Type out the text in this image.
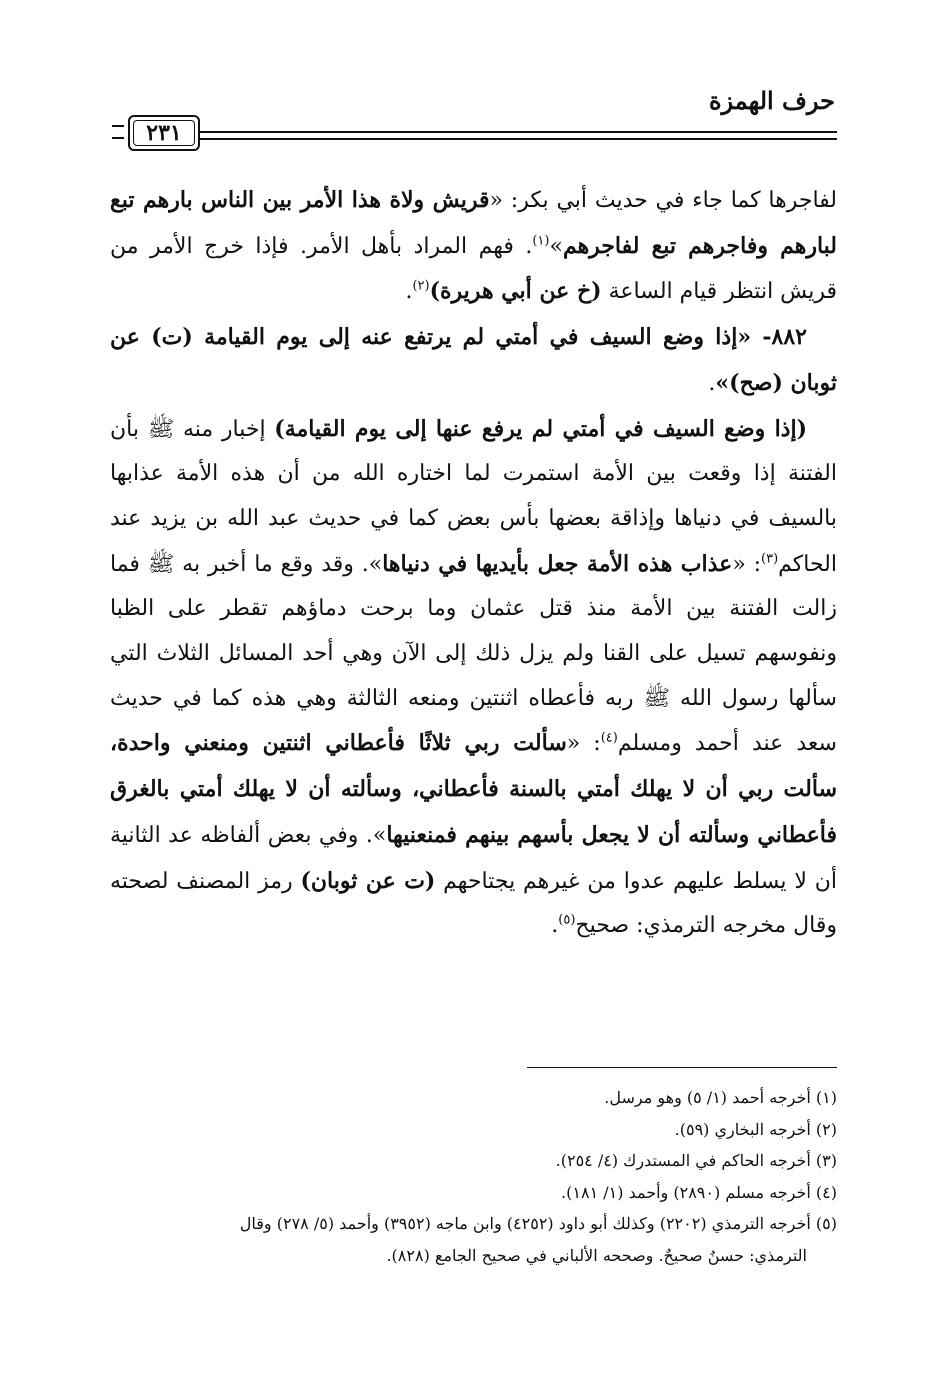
حرف الهمزة
٢٣١

لفاجرها كما جاء في حديث أبي بكر: «قريش ولاة هذا الأمر بين الناس بارهم تبع لبارهم وفاجرهم تبع لفاجرهم»$^{(١)}$. فهم المراد بأهل الأمر. فإذا خرج الأمر من قريش انتظر قيام الساعة (خ عن أبي هريرة)$^{(٢)}$.

٨٨٢- «إذا وضع السيف في أمتي لم يرتفع عنه إلى يوم القيامة (ت) عن ثوبان (صح)».

(إذا وضع السيف في أمتي لم يرفع عنها إلى يوم القيامة) إخبار منه ﷺ بأن الفتنة إذا وقعت بين الأمة استمرت لما اختاره الله من أن هذه الأمة عذابها بالسيف في دنياها وإذاقة بعضها بأس بعض كما في حديث عبد الله بن يزيد عند الحاكم$^{(٣)}$: «عذاب هذه الأمة جعل بأيديها في دنياها». وقد وقع ما أخبر به ﷺ فما زالت الفتنة بين الأمة منذ قتل عثمان وما برحت دماؤهم تقطر على الظبا ونفوسهم تسيل على القنا ولم يزل ذلك إلى الآن وهي أحد المسائل الثلاث التي سألها رسول الله ﷺ ربه فأعطاه اثنتين ومنعه الثالثة وهي هذه كما في حديث سعد عند أحمد ومسلم$^{(٤)}$: «سألت ربي ثلاثًا فأعطاني اثنتين ومنعني واحدة، سألت ربي أن لا يهلك أمتي بالسنة فأعطاني، وسألته أن لا يهلك أمتي بالغرق فأعطاني وسألته أن لا يجعل بأسهم بينهم فمنعنيها». وفي بعض ألفاظه عد الثانية أن لا يسلط عليهم عدوا من غيرهم يجتاحهم (ت عن ثوبان) رمز المصنف لصحته وقال مخرجه الترمذي: صحيح$^{(٥)}$.

(١) أخرجه أحمد (١/ ٥) وهو مرسل.

(٢) أخرجه البخاري (٥٩).

(٣) أخرجه الحاكم في المستدرك (٤/ ٢٥٤).

(٤) أخرجه مسلم (٢٨٩٠) وأحمد (١/ ١٨١).

(٥) أخرجه الترمذي (٢٢٠٢) وكذلك أبو داود (٤٢٥٢) وابن ماجه (٣٩٥٢) وأحمد (٥/ ٢٧٨) وقال

الترمذي: حسنٌ صحيحٌ. وصححه الألباني في صحيح الجامع (٨٢٨).
